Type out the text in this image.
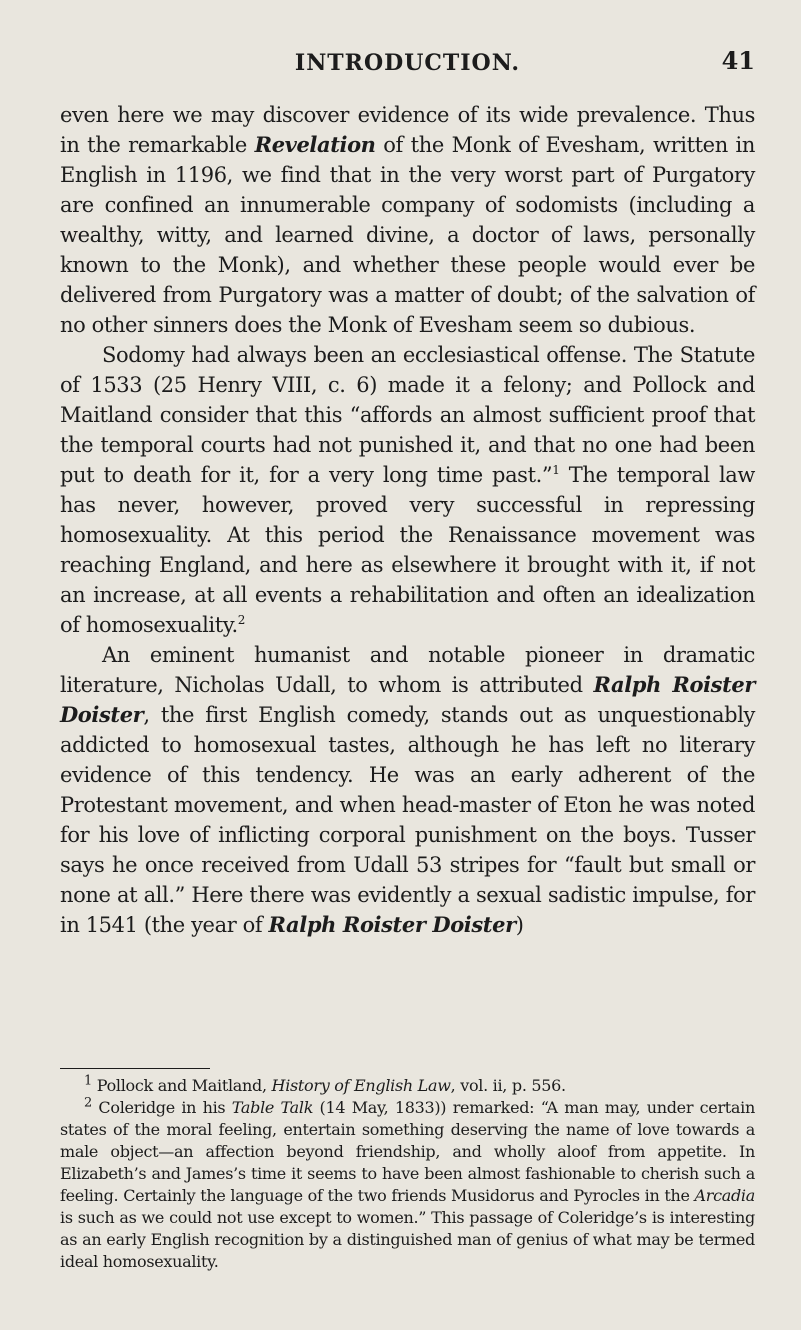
INTRODUCTION.	41

even here we may discover evidence of its wide prevalence. Thus in the remarkable Revelation of the Monk of Evesham, written in English in 1196, we find that in the very worst part of Purgatory are confined an innumerable company of sodomists (including a wealthy, witty, and learned divine, a doctor of laws, personally known to the Monk), and whether these people would ever be delivered from Purgatory was a matter of doubt; of the salvation of no other sinners does the Monk of Evesham seem so dubious.

Sodomy had always been an ecclesiastical offense. The Statute of 1533 (25 Henry VIII, c. 6) made it a felony; and Pollock and Maitland consider that this “affords an almost sufficient proof that the temporal courts had not punished it, and that no one had been put to death for it, for a very long time past.”$^1$ The temporal law has never, however, proved very successful in repressing homosexuality. At this period the Renaissance movement was reaching England, and here as elsewhere it brought with it, if not an increase, at all events a rehabilitation and often an idealization of homosexuality.$^2$

An eminent humanist and notable pioneer in dramatic literature, Nicholas Udall, to whom is attributed Ralph Roister Doister, the first English comedy, stands out as unquestionably addicted to homosexual tastes, although he has left no literary evidence of this tendency. He was an early adherent of the Protestant movement, and when head-master of Eton he was noted for his love of inflicting corporal punishment on the boys. Tusser says he once received from Udall 53 stripes for “fault but small or none at all.” Here there was evidently a sexual sadistic impulse, for in 1541 (the year of Ralph Roister Doister)

$^1$ Pollock and Maitland, History of English Law, vol. ii, p. 556.

$^2$ Coleridge in his Table Talk (14 May, 1833)) remarked: “A man may, under certain states of the moral feeling, entertain something deserving the name of love towards a male object—an affection beyond friendship, and wholly aloof from appetite. In Elizabeth’s and James’s time it seems to have been almost fashionable to cherish such a feeling. Certainly the language of the two friends Musidorus and Pyrocles in the Arcadia is such as we could not use except to women.” This passage of Coleridge’s is interesting as an early English recognition by a distinguished man of genius of what may be termed ideal homosexuality.
